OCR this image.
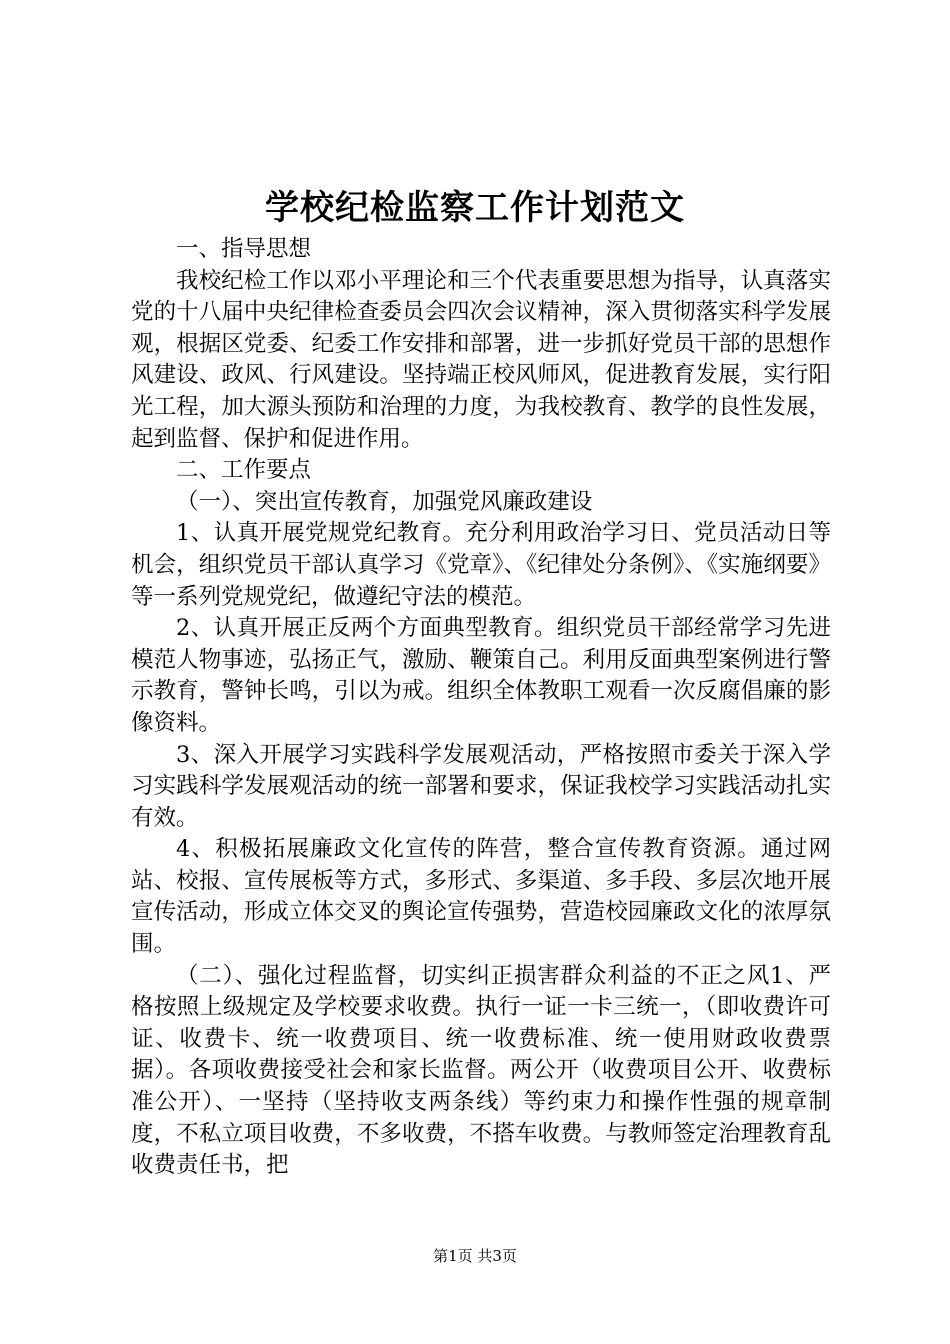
学校纪检监察工作计划范文

一、指导思想

我校纪检工作以邓小平理论和三个代表重要思想为指导，认真落实党的十八届中央纪律检查委员会四次会议精神，深入贯彻落实科学发展观，根据区党委、纪委工作安排和部署，进一步抓好党员干部的思想作风建设、政风、行风建设。坚持端正校风师风，促进教育发展，实行阳光工程，加大源头预防和治理的力度，为我校教育、教学的良性发展，起到监督、保护和促进作用。

二、工作要点

（一）、突出宣传教育，加强党风廉政建设

1、认真开展党规党纪教育。充分利用政治学习日、党员活动日等机会，组织党员干部认真学习《党章》、《纪律处分条例》、《实施纲要》等一系列党规党纪，做遵纪守法的模范。

2、认真开展正反两个方面典型教育。组织党员干部经常学习先进模范人物事迹，弘扬正气，激励、鞭策自己。利用反面典型案例进行警示教育，警钟长鸣，引以为戒。组织全体教职工观看一次反腐倡廉的影像资料。

3、深入开展学习实践科学发展观活动，严格按照市委关于深入学习实践科学发展观活动的统一部署和要求，保证我校学习实践活动扎实有效。

4、积极拓展廉政文化宣传的阵营，整合宣传教育资源。通过网站、校报、宣传展板等方式，多形式、多渠道、多手段、多层次地开展宣传活动，形成立体交叉的舆论宣传强势，营造校园廉政文化的浓厚氛围。

（二）、强化过程监督，切实纠正损害群众利益的不正之风1、严格按照上级规定及学校要求收费。执行一证一卡三统一，（即收费许可证、收费卡、统一收费项目、统一收费标准、统一使用财政收费票据）。各项收费接受社会和家长监督。两公开（收费项目公开、收费标准公开）、一坚持（坚持收支两条线）等约束力和操作性强的规章制度，不私立项目收费，不多收费，不搭车收费。与教师签定治理教育乱收费责任书，把

第1页 共3页
